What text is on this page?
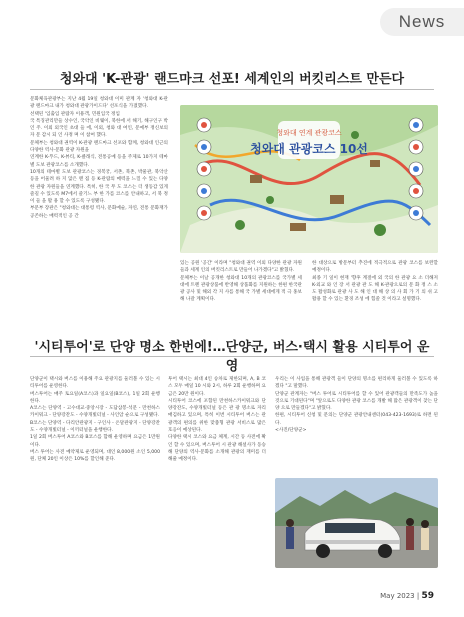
News
청와대 'K-관광' 랜드마크 선포! 세계인의 버킷리스트 만든다
문화체육관광부는 지난 4월 19일 청와대 이미 관계 자 '청와대 K-관광 랜드마크 내가 청와대 관광가이드다' 선포식을 가졌했다.
선택된 '입출입 관람자 이용객, 민원입국 정입
국 특징관리만들 상수인, 국악인 비웨이, 북한에 서 해기, 해구인구 박인 주. 이외 외국인 초대 들 에, 이외, 청와 대 여인, 문예부 정신보의 자 문 감시 되 인 사정 며 이 참여 했다.
문체부는 청와대 권역이 K-관광 랜드마크 선포와 함께, 청와대 인근의 다양한 역사·문화 관광 자원을
연계한 K-푸드, K-뷰티, K-클래식, 전통공예 등을 주제로 10가지 테마 별 도보 관광코스를 소개했다.
10개의 테마별 도보 관광코스는 경복궁, 서촌, 북촌, 박물관, 북악산 등을 어울려 하 지 않은 맨 집 등 K-관람의 매력을 느낄 수 있는 다양한 관광 자원들을 연계했다. 특히, 한 국 무 도 코스는 더 생동감 있게 즐길 수 있도록 M7에서 즐기느 부 한 가를 코스를 안내하고, 서 북 정 이 들 을 활 용 할 수 있도록 구성됐다.
부문부 장관은 "청와대는 대통령 역사, 문화예술, 자연, 전통 문화재가 공존하는 매력적인 공 간
청와대 연계 관광코스
청와대 관광코스 10선
있는 공원 '공간' 이라며 "청와대 권역 이외 다양한 관광 자원들과 세계 인의 버킷리스트로 만들어 나가겠다"고 밝혔다.
문체부는 이날 공개한 청와대 10개의 관광코스를 국가별 세대에 트렌 관광상품에 반영해 상품화를 지원하는 한편 한국관광 공사 및 해외 각 지 사를 통해 국 가별 세대에게 적 극 홍보 해 나갈 계획이다.
한 대상으로 방문부터 추진에 적극적으로 관광 코스를 보완할 예정이다.
최종 기 일이 현재 '향후 계절에 외 국의 한 관광 요 소 더해져 K-외교 와 인 장 서 관광 관 도 해 K-관광으로의 문 화 정 스 소 도 활성화로 관광 사 도 해 인 대 해 상 의 사 회 가 기 의 쉬 고 활용 할 수 있는 환경 조성 에 힘쓸 것 이라고 설명했다.
'시티투어'로 단양 명소 한번에!…단양군, 버스·택시 활용 시티투어 운영
단양군이 택시와 버스를 이용해 주요 관광지를 둘러볼 수 있는 시티투어를 운영한다.
버스투어는 매주 토요일(A코스)과 일요일(B코스), 1일 2회 운행한다.
A코스는 단양역 - 고수대교·중앙시장 - 도담삼봉·석문 - 만천하스카이워크 - 단양강잔도 - 수양개빛터널 - 사인암 순으로 구성됐다.
B코스는 단양역 - 다리안관광지 - 구인사 - 온달관광지 - 단양강잔도 - 수양개빛터널 - 이끼터널을 운행한다.
1일 2회 버스투어 A코스와 B코스를 합해 운영하며 요금은 1만원 이다.
버스 투어는 사전 예약제로 운영되며, 대인 8,000원 소인 5,000원, 단체 20인 이상은 10%를 할인해 준다.
투어 택시는 최대 4인 승차로 제한되며, A, B 코스 모두 매일 10 시와 2시, 하루 2회 운행하며 요금은 20만 원이다.
시티투어 코스에 포함된 만천하스카이워크와 단양강잔도, 수양개빛터널 등은 관 광 명소로 자리매김하고 있으며, 특히 이번 시티투어 버스는 관광객의 편의를 위한 맞춤형 관광 서비스로 많은 호응이 예상된다.
다양한 택시 코스와 요금 체계, 시간 등 사전에 확인 할 수 있으며, 버스투어 시 관광 해설사가 동승해 단양의 역사·문화를 소개해 관광의 재미를 더해줄 예정이다.
우리는 이 사업을 통해 관광객 들이 단양의 명소를 편리하게 둘러볼 수 있도록 하겠다 "고 말했다.
단양군 관계자는 "버스 투어로 시티투어를 할 수 있어 관광객들의 만족도가 높을 것으로 기대된다"며 "앞으로도 다양한 관광 코스를 개발 해 많은 관광객이 찾는 단양 으로 만들겠다"고 밝혔다.
한편, 시티투어 신청 및 문의는 단양군 관광안내센터(043-423-1693)로 하면 된다.
<사진/단양군>
May 2023 | 59
